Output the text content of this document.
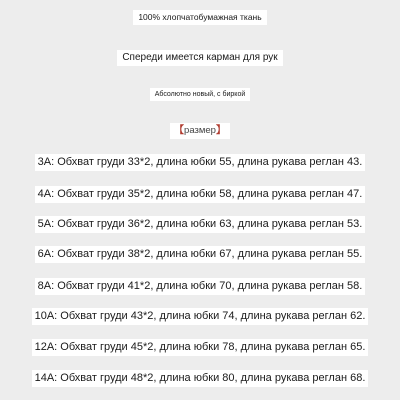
100% хлопчатобумажная ткань
Спереди имеется карман для рук
Абсолютно новый, с биркой
【размер】
3A: Обхват груди 33*2, длина юбки 55, длина рукава реглан 43.
4A: Обхват груди 35*2, длина юбки 58, длина рукава реглан 47.
5A: Обхват груди 36*2, длина юбки 63, длина рукава реглан 53.
6A: Обхват груди 38*2, длина юбки 67, длина рукава реглан 55.
8A: Обхват груди 41*2, длина юбки 70, длина рукава реглан 58.
10A: Обхват груди 43*2, длина юбки 74, длина рукава реглан 62.
12A: Обхват груди 45*2, длина юбки 78, длина рукава реглан 65.
14A: Обхват груди 48*2, длина юбки 80, длина рукава реглан 68.
